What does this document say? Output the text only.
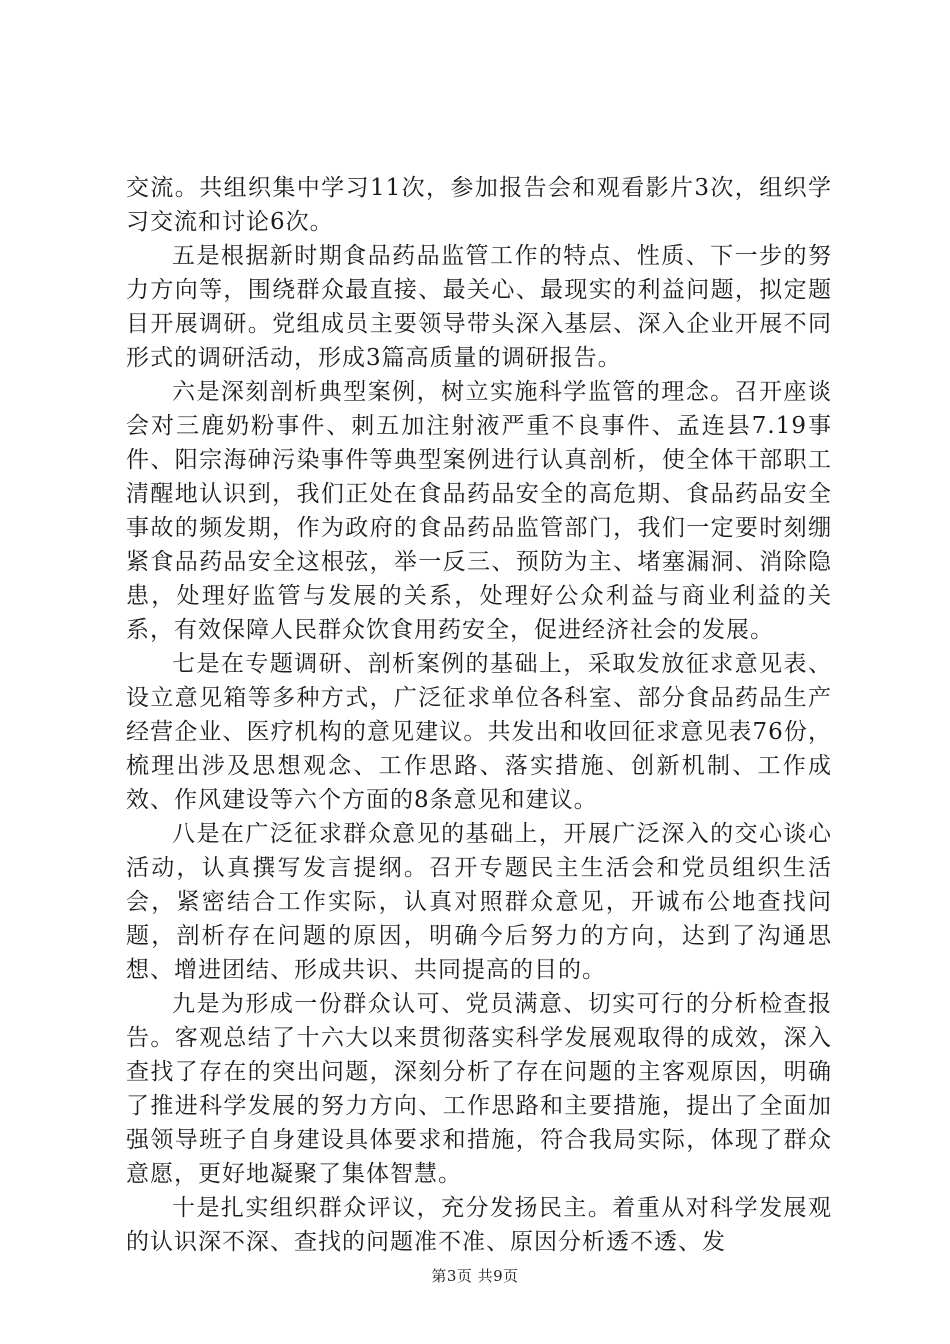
交流。共组织集中学习11次，参加报告会和观看影片3次，组织学习交流和讨论6次。

五是根据新时期食品药品监管工作的特点、性质、下一步的努力方向等，围绕群众最直接、最关心、最现实的利益问题，拟定题目开展调研。党组成员主要领导带头深入基层、深入企业开展不同形式的调研活动，形成3篇高质量的调研报告。

六是深刻剖析典型案例，树立实施科学监管的理念。召开座谈会对三鹿奶粉事件、刺五加注射液严重不良事件、孟连县7.19事件、阳宗海砷污染事件等典型案例进行认真剖析，使全体干部职工清醒地认识到，我们正处在食品药品安全的高危期、食品药品安全事故的频发期，作为政府的食品药品监管部门，我们一定要时刻绷紧食品药品安全这根弦，举一反三、预防为主、堵塞漏洞、消除隐患，处理好监管与发展的关系，处理好公众利益与商业利益的关系，有效保障人民群众饮食用药安全，促进经济社会的发展。

七是在专题调研、剖析案例的基础上，采取发放征求意见表、设立意见箱等多种方式，广泛征求单位各科室、部分食品药品生产经营企业、医疗机构的意见建议。共发出和收回征求意见表76份，梳理出涉及思想观念、工作思路、落实措施、创新机制、工作成效、作风建设等六个方面的8条意见和建议。

八是在广泛征求群众意见的基础上，开展广泛深入的交心谈心活动，认真撰写发言提纲。召开专题民主生活会和党员组织生活会，紧密结合工作实际，认真对照群众意见，开诚布公地查找问题，剖析存在问题的原因，明确今后努力的方向，达到了沟通思想、增进团结、形成共识、共同提高的目的。

九是为形成一份群众认可、党员满意、切实可行的分析检查报告。客观总结了十六大以来贯彻落实科学发展观取得的成效，深入查找了存在的突出问题，深刻分析了存在问题的主客观原因，明确了推进科学发展的努力方向、工作思路和主要措施，提出了全面加强领导班子自身建设具体要求和措施，符合我局实际，体现了群众意愿，更好地凝聚了集体智慧。

十是扎实组织群众评议，充分发扬民主。着重从对科学发展观的认识深不深、查找的问题准不准、原因分析透不透、发

第3页 共9页
